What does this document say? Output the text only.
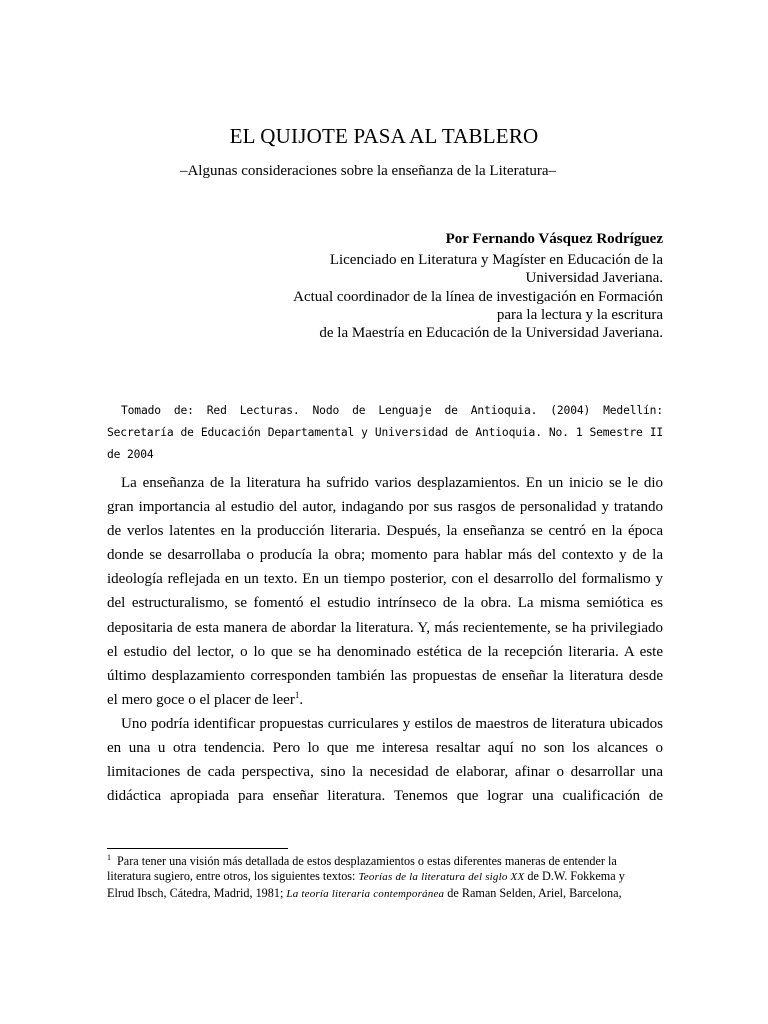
EL QUIJOTE PASA AL TABLERO

–Algunas consideraciones sobre la enseñanza de la Literatura–

Por Fernando Vásquez Rodríguez
Licenciado en Literatura y Magíster en Educación de la
Universidad Javeriana.
Actual coordinador de la línea de investigación en Formación
para la lectura y la escritura
de la Maestría en Educación de la Universidad Javeriana.

Tomado de: Red Lecturas. Nodo de Lenguaje de Antioquia. (2004) Medellín: Secretaría de Educación Departamental y Universidad de Antioquia. No. 1 Semestre II de 2004

La enseñanza de la literatura ha sufrido varios desplazamientos. En un inicio se le dio
gran importancia al estudio del autor, indagando por sus rasgos de personalidad y tratando
de verlos latentes en la producción literaria. Después, la enseñanza se centró en la época
donde se desarrollaba o producía la obra; momento para hablar más del contexto y de la
ideología reflejada en un texto. En un tiempo posterior, con el desarrollo del formalismo y
del estructuralismo, se fomentó el estudio intrínseco de la obra. La misma semiótica es
depositaria de esta manera de abordar la literatura. Y, más recientemente, se ha privilegiado
el estudio del lector, o lo que se ha denominado estética de la recepción literaria. A este
último desplazamiento corresponden también las propuestas de enseñar la literatura desde
el mero goce o el placer de leer$^1$.

Uno podría identificar propuestas curriculares y estilos de maestros de literatura ubicados
en una u otra tendencia. Pero lo que me interesa resaltar aquí no son los alcances o
limitaciones de cada perspectiva, sino la necesidad de elaborar, afinar o desarrollar una
didáctica apropiada para enseñar literatura. Tenemos que lograr una cualificación de

$^1$ Para tener una visión más detallada de estos desplazamientos o estas diferentes maneras de entender la
literatura sugiero, entre otros, los siguientes textos: Teorías de la literatura del siglo XX de D.W. Fokkema y
Elrud Ibsch, Cátedra, Madrid, 1981; La teoría literaria contemporánea de Raman Selden, Ariel, Barcelona,
